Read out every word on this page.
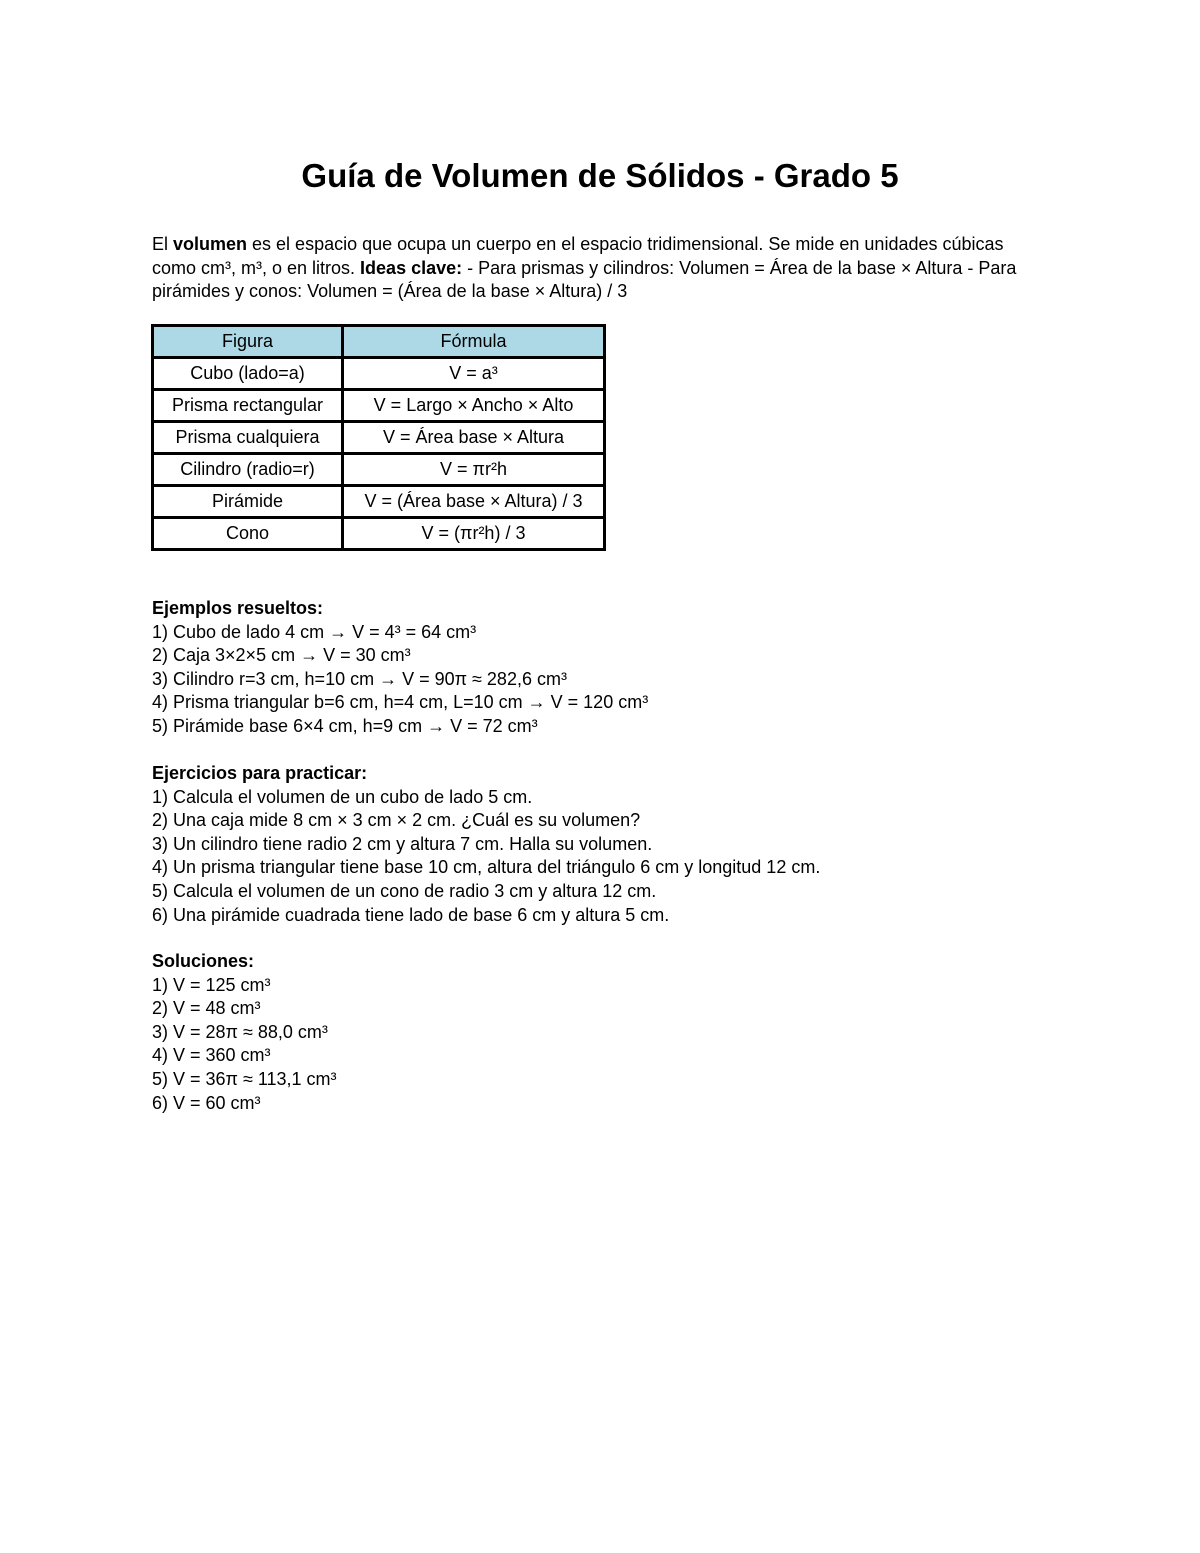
Guía de Volumen de Sólidos - Grado 5

El volumen es el espacio que ocupa un cuerpo en el espacio tridimensional. Se mide en unidades cúbicas como cm³, m³, o en litros. Ideas clave: - Para prismas y cilindros: Volumen = Área de la base × Altura - Para pirámides y conos: Volumen = (Área de la base × Altura) / 3

Figura	Fórmula
Cubo (lado=a)	V = a³
Prisma rectangular	V = Largo × Ancho × Alto
Prisma cualquiera	V = Área base × Altura
Cilindro (radio=r)	V = πr²h
Pirámide	V = (Área base × Altura) / 3
Cono	V = (πr²h) / 3

Ejemplos resueltos:

1) Cubo de lado 4 cm → V = 4³ = 64 cm³

2) Caja 3×2×5 cm → V = 30 cm³

3) Cilindro r=3 cm, h=10 cm → V = 90π ≈ 282,6 cm³

4) Prisma triangular b=6 cm, h=4 cm, L=10 cm → V = 120 cm³

5) Pirámide base 6×4 cm, h=9 cm → V = 72 cm³

Ejercicios para practicar:

1) Calcula el volumen de un cubo de lado 5 cm.

2) Una caja mide 8 cm × 3 cm × 2 cm. ¿Cuál es su volumen?

3) Un cilindro tiene radio 2 cm y altura 7 cm. Halla su volumen.

4) Un prisma triangular tiene base 10 cm, altura del triángulo 6 cm y longitud 12 cm.

5) Calcula el volumen de un cono de radio 3 cm y altura 12 cm.

6) Una pirámide cuadrada tiene lado de base 6 cm y altura 5 cm.

Soluciones:

1) V = 125 cm³

2) V = 48 cm³

3) V = 28π ≈ 88,0 cm³

4) V = 360 cm³

5) V = 36π ≈ 113,1 cm³

6) V = 60 cm³
